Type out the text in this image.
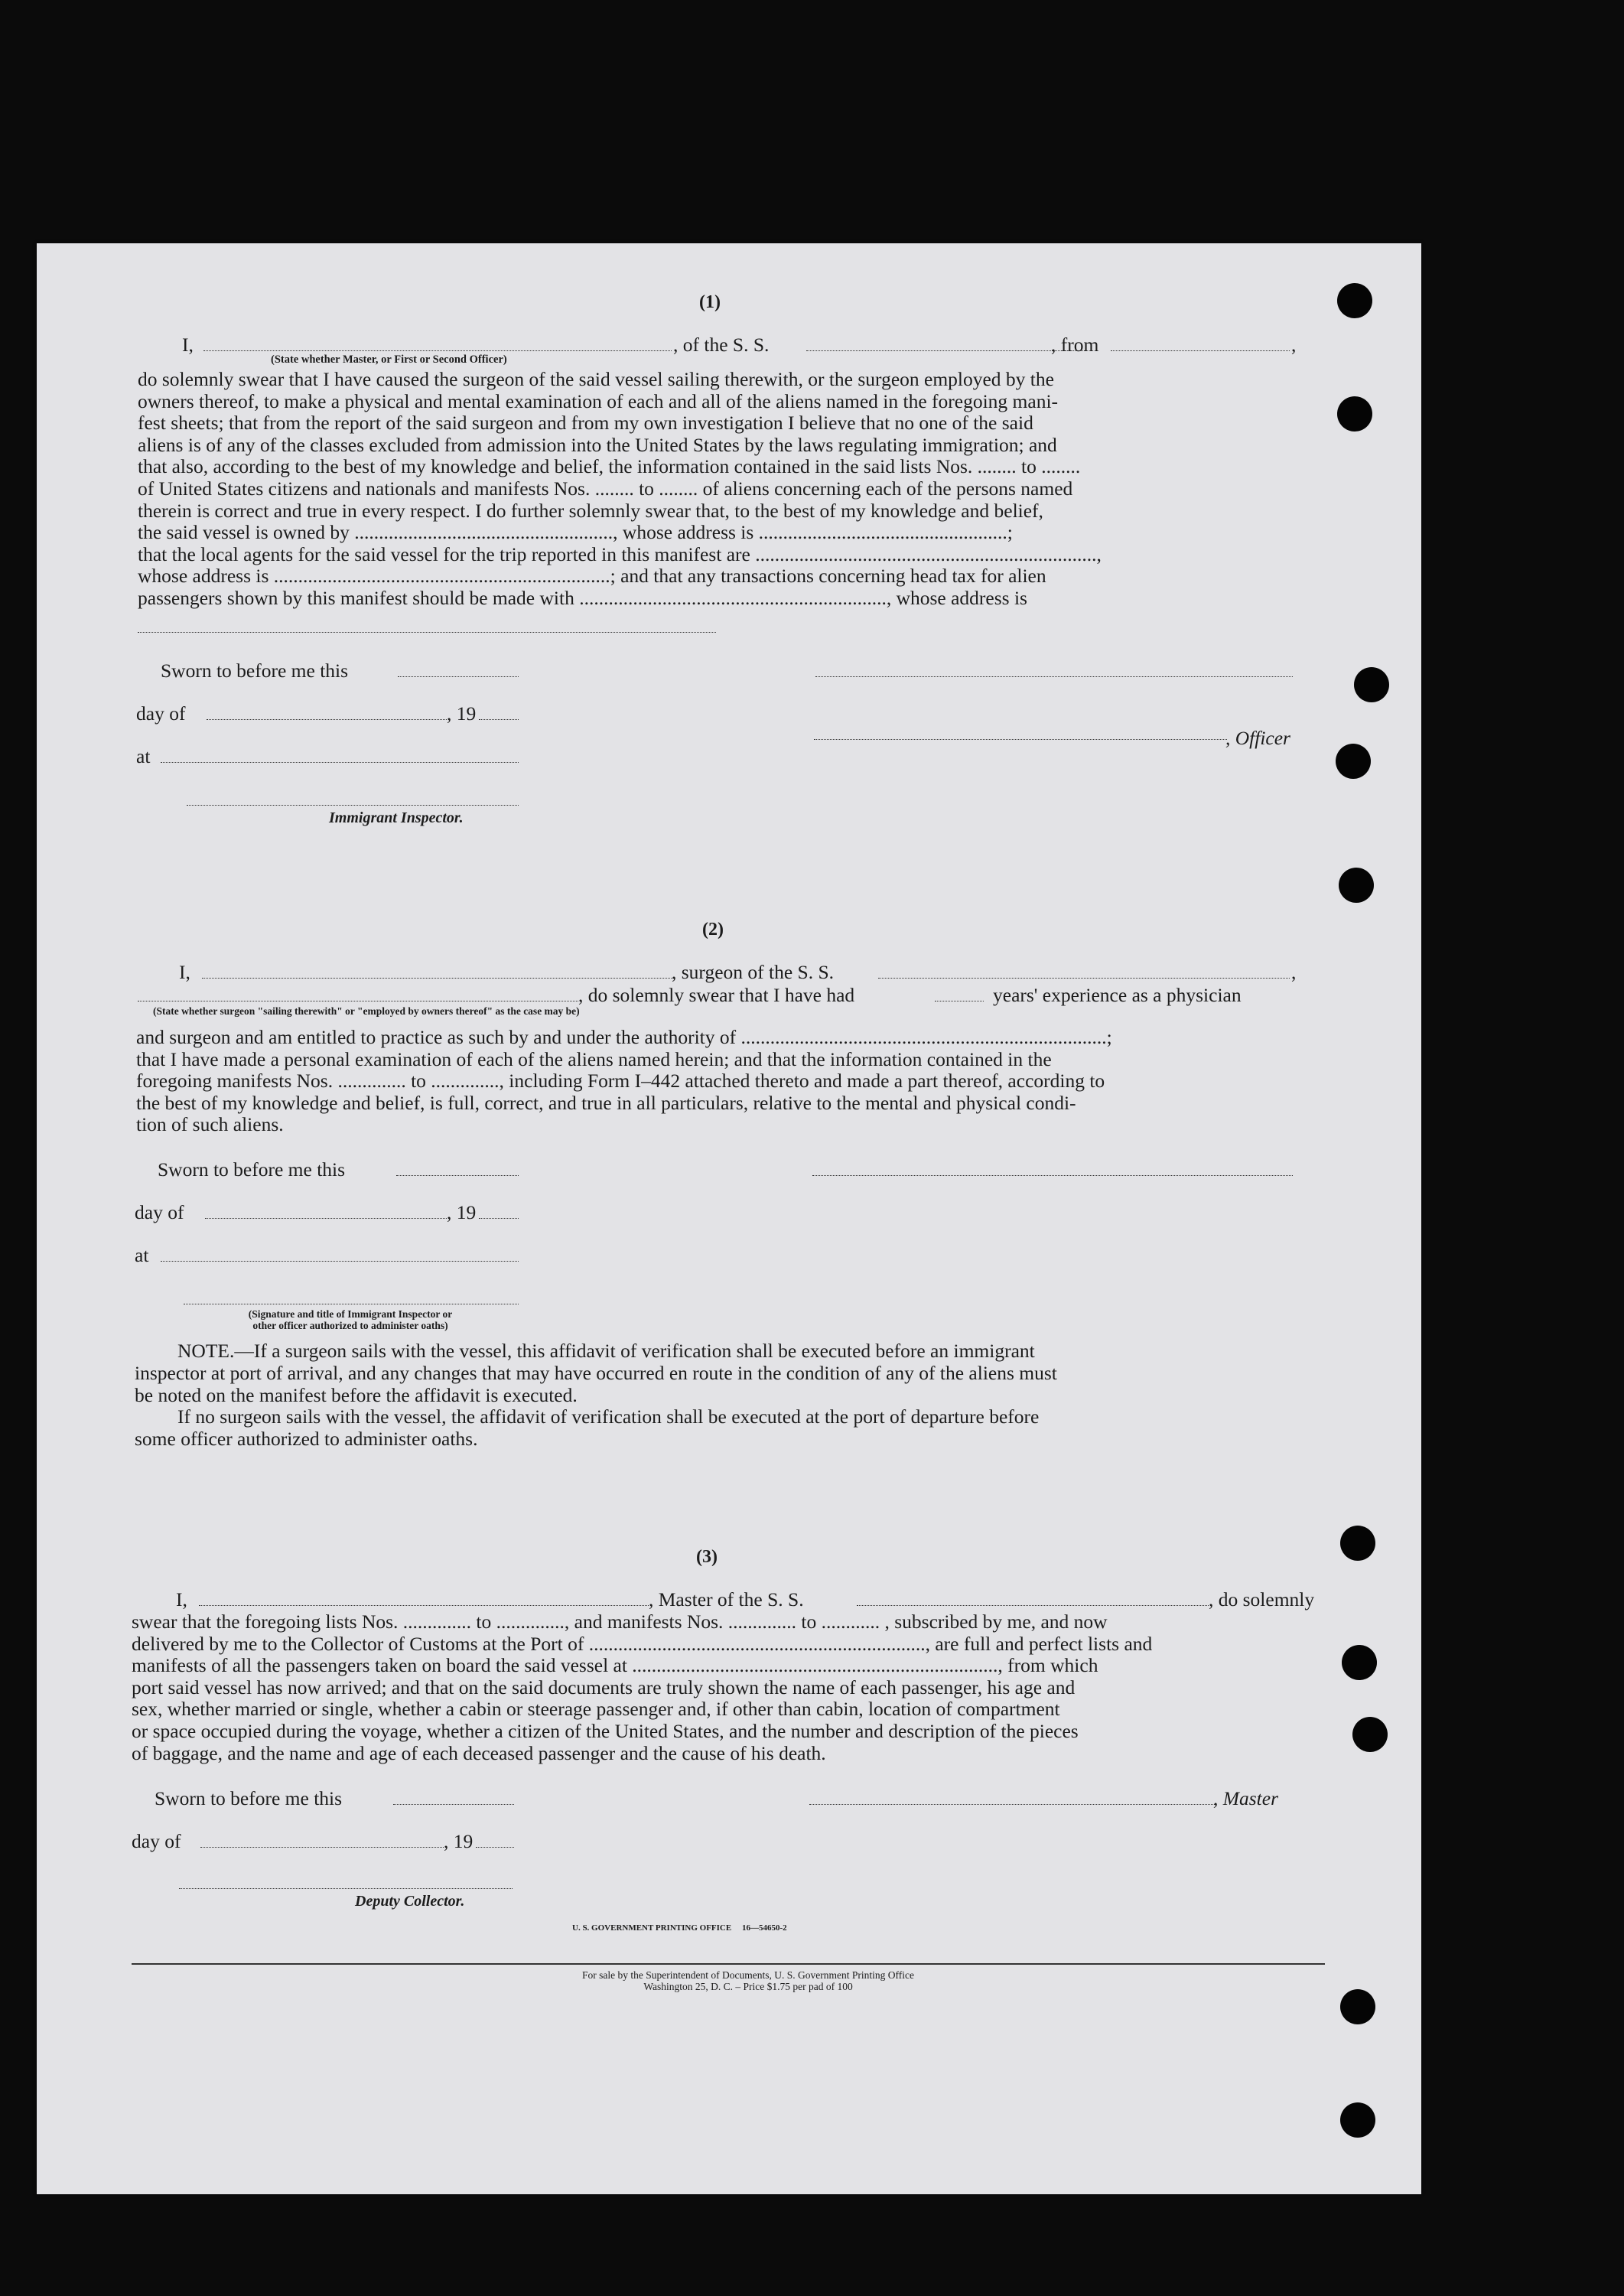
(1)
I,	, of the S. S.	, from	,
(State whether Master, or First or Second Officer)
do solemnly swear that I have caused the surgeon of the said vessel sailing therewith, or the surgeon employed by the
owners thereof, to make a physical and mental examination of each and all of the aliens named in the foregoing mani-
fest sheets; that from the report of the said surgeon and from my own investigation I believe that no one of the said
aliens is of any of the classes excluded from admission into the United States by the laws regulating immigration; and
that also, according to the best of my knowledge and belief, the information contained in the said lists Nos. ........ to ........
of United States citizens and nationals and manifests Nos. ........ to ........ of aliens concerning each of the persons named
therein is correct and true in every respect. I do further solemnly swear that, to the best of my knowledge and belief,
the said vessel is owned by ....................................................., whose address is ...................................................;
that the local agents for the said vessel for the trip reported in this manifest are ......................................................................,
whose address is .....................................................................; and that any transactions concerning head tax for alien
passengers shown by this manifest should be made with ..............................................................., whose address is
Sworn to before me this
day of	, 19
, Officer
at
Immigrant Inspector.
(2)
I,	, surgeon of the S. S.	,
, do solemnly swear that I have had	years' experience as a physician
(State whether surgeon "sailing therewith" or "employed by owners thereof" as the case may be)
and surgeon and am entitled to practice as such by and under the authority of ...........................................................................;
that I have made a personal examination of each of the aliens named herein; and that the information contained in the
foregoing manifests Nos. .............. to .............., including Form I–442 attached thereto and made a part thereof, according to
the best of my knowledge and belief, is full, correct, and true in all particulars, relative to the mental and physical condi-
tion of such aliens.
Sworn to before me this
day of	, 19
at
(Signature and title of Immigrant Inspector or
other officer authorized to administer oaths)
NOTE.—If a surgeon sails with the vessel, this affidavit of verification shall be executed before an immigrant
inspector at port of arrival, and any changes that may have occurred en route in the condition of any of the aliens must
be noted on the manifest before the affidavit is executed.
If no surgeon sails with the vessel, the affidavit of verification shall be executed at the port of departure before
some officer authorized to administer oaths.
(3)
I,	, Master of the S. S.	, do solemnly
swear that the foregoing lists Nos. .............. to .............., and manifests Nos. .............. to ............ , subscribed by me, and now
delivered by me to the Collector of Customs at the Port of ....................................................................., are full and perfect lists and
manifests of all the passengers taken on board the said vessel at ..........................................................................., from which
port said vessel has now arrived; and that on the said documents are truly shown the name of each passenger, his age and
sex, whether married or single, whether a cabin or steerage passenger and, if other than cabin, location of compartment
or space occupied during the voyage, whether a citizen of the United States, and the number and description of the pieces
of baggage, and the name and age of each deceased passenger and the cause of his death.
Sworn to before me this	, Master
day of	, 19
Deputy Collector.
U. S. GOVERNMENT PRINTING OFFICE     16—54650-2
For sale by the Superintendent of Documents, U. S. Government Printing Office
Washington 25, D. C. – Price $1.75 per pad of 100
